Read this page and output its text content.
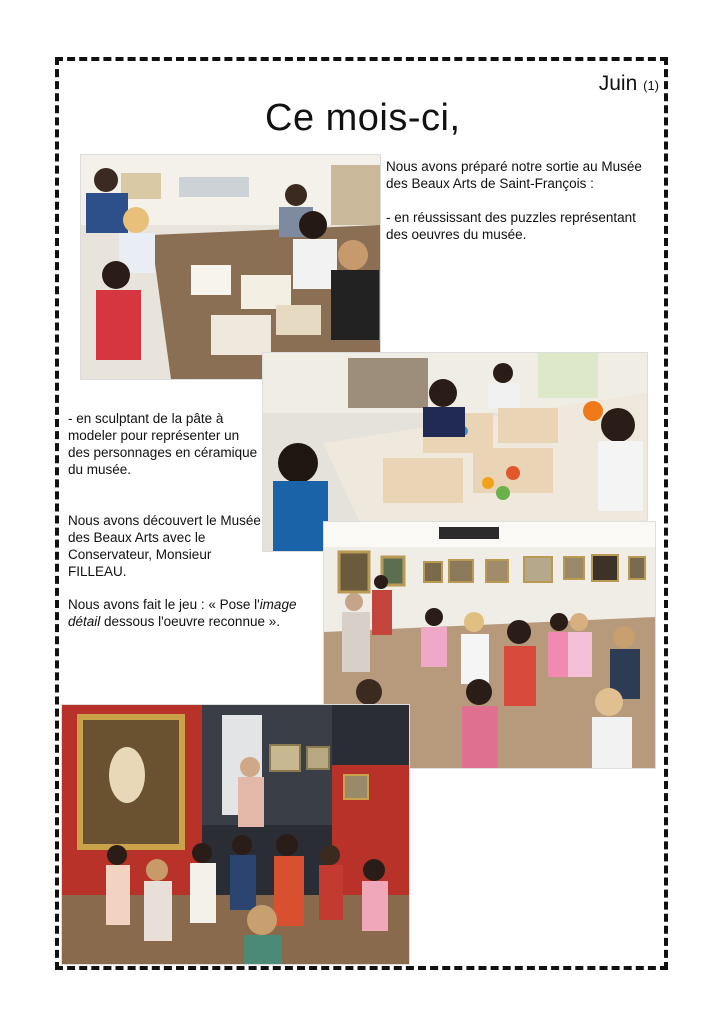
Juin (1)
Ce mois-ci,

Nous avons préparé notre sortie au Musée des Beaux Arts de Saint-François :

- en réussissant des puzzles représentant des oeuvres du musée.

- en sculptant de la pâte à modeler pour représenter un des personnages en céramique du musée.
Nous avons découvert le Musée des Beaux Arts avec le Conservateur, Monsieur FILLEAU.
Nous avons fait le jeu : « Pose l'image détail dessous l'oeuvre reconnue ».
